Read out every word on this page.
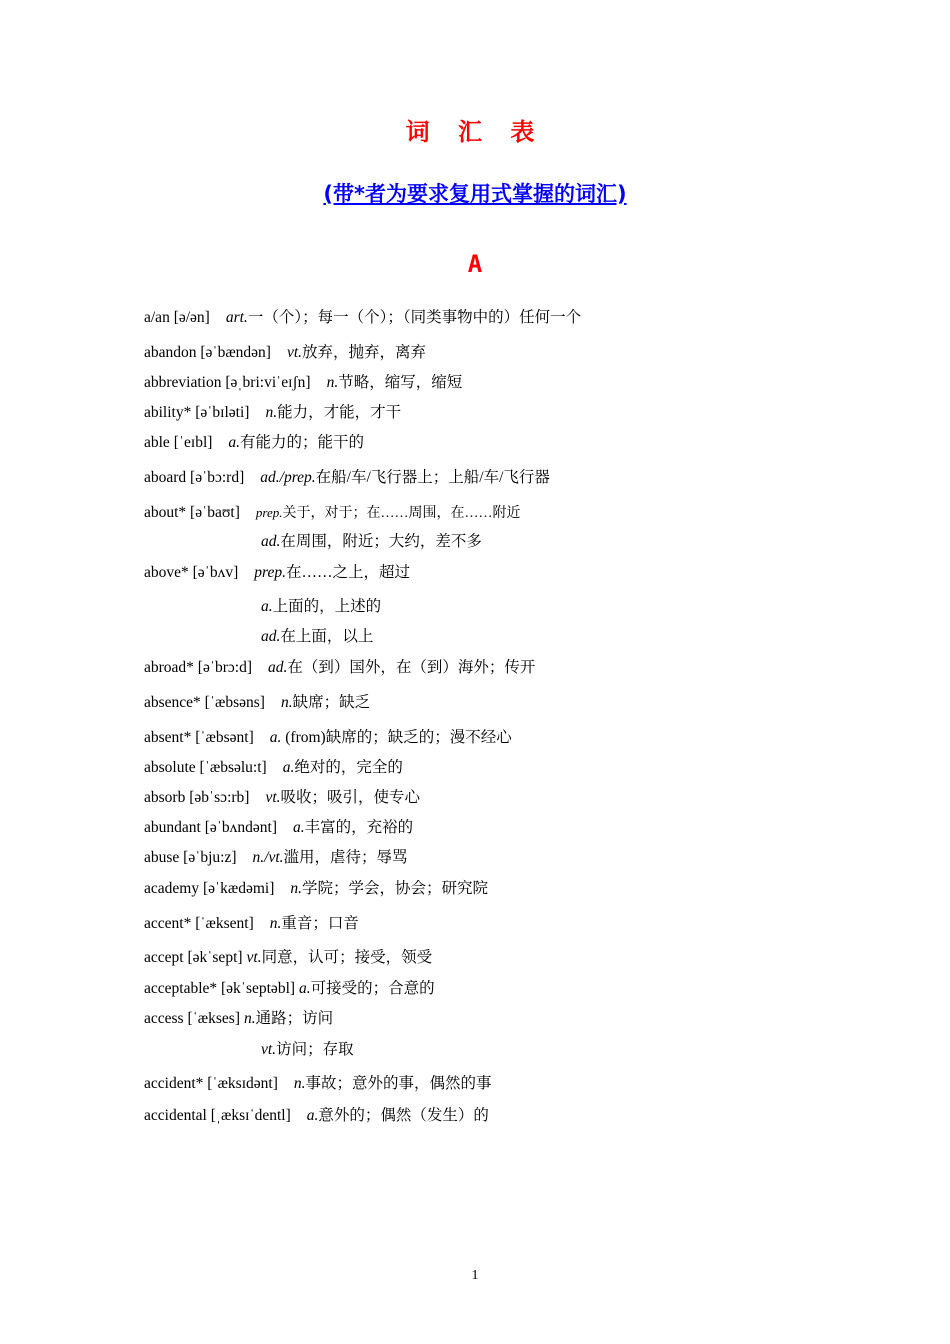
词 汇 表
(带*者为要求复用式掌握的词汇)
A
a/an [ə/ən] art.一（个）；每一（个）；（同类事物中的）任何一个
abandon [əˈbændən] vt.放弃，抛弃，离弃
abbreviation [əˌbri:viˈeɪʃn] n.节略，缩写，缩短
ability* [əˈbɪləti] n.能力，才能，才干
able [ˈeɪbl] a.有能力的；能干的
aboard [əˈbɔ:rd] ad./prep.在船/车/飞行器上；上船/车/飞行器
about* [əˈbaʊt] prep.关于，对于；在……周围，在……附近
ad.在周围，附近；大约，差不多
above* [əˈbʌv] prep.在……之上，超过
a.上面的，上述的
ad.在上面，以上
abroad* [əˈbrɔ:d] ad.在（到）国外，在（到）海外；传开
absence* [ˈæbsəns] n.缺席；缺乏
absent* [ˈæbsənt] a. (from)缺席的；缺乏的；漫不经心
absolute [ˈæbsəlu:t] a.绝对的，完全的
absorb [əbˈsɔ:rb] vt.吸收；吸引，使专心
abundant [əˈbʌndənt] a.丰富的，充裕的
abuse [əˈbju:z] n./vt.滥用，虐待；辱骂
academy [əˈkædəmi] n.学院；学会，协会；研究院
accent* [ˈæksent] n.重音；口音
accept [əkˈsept] vt.同意，认可；接受，领受
acceptable* [əkˈseptəbl] a.可接受的；合意的
access [ˈækses] n.通路；访问
vt.访问；存取
accident* [ˈæksɪdənt] n.事故；意外的事，偶然的事
accidental [ˌæksɪˈdentl] a.意外的；偶然（发生）的
1
